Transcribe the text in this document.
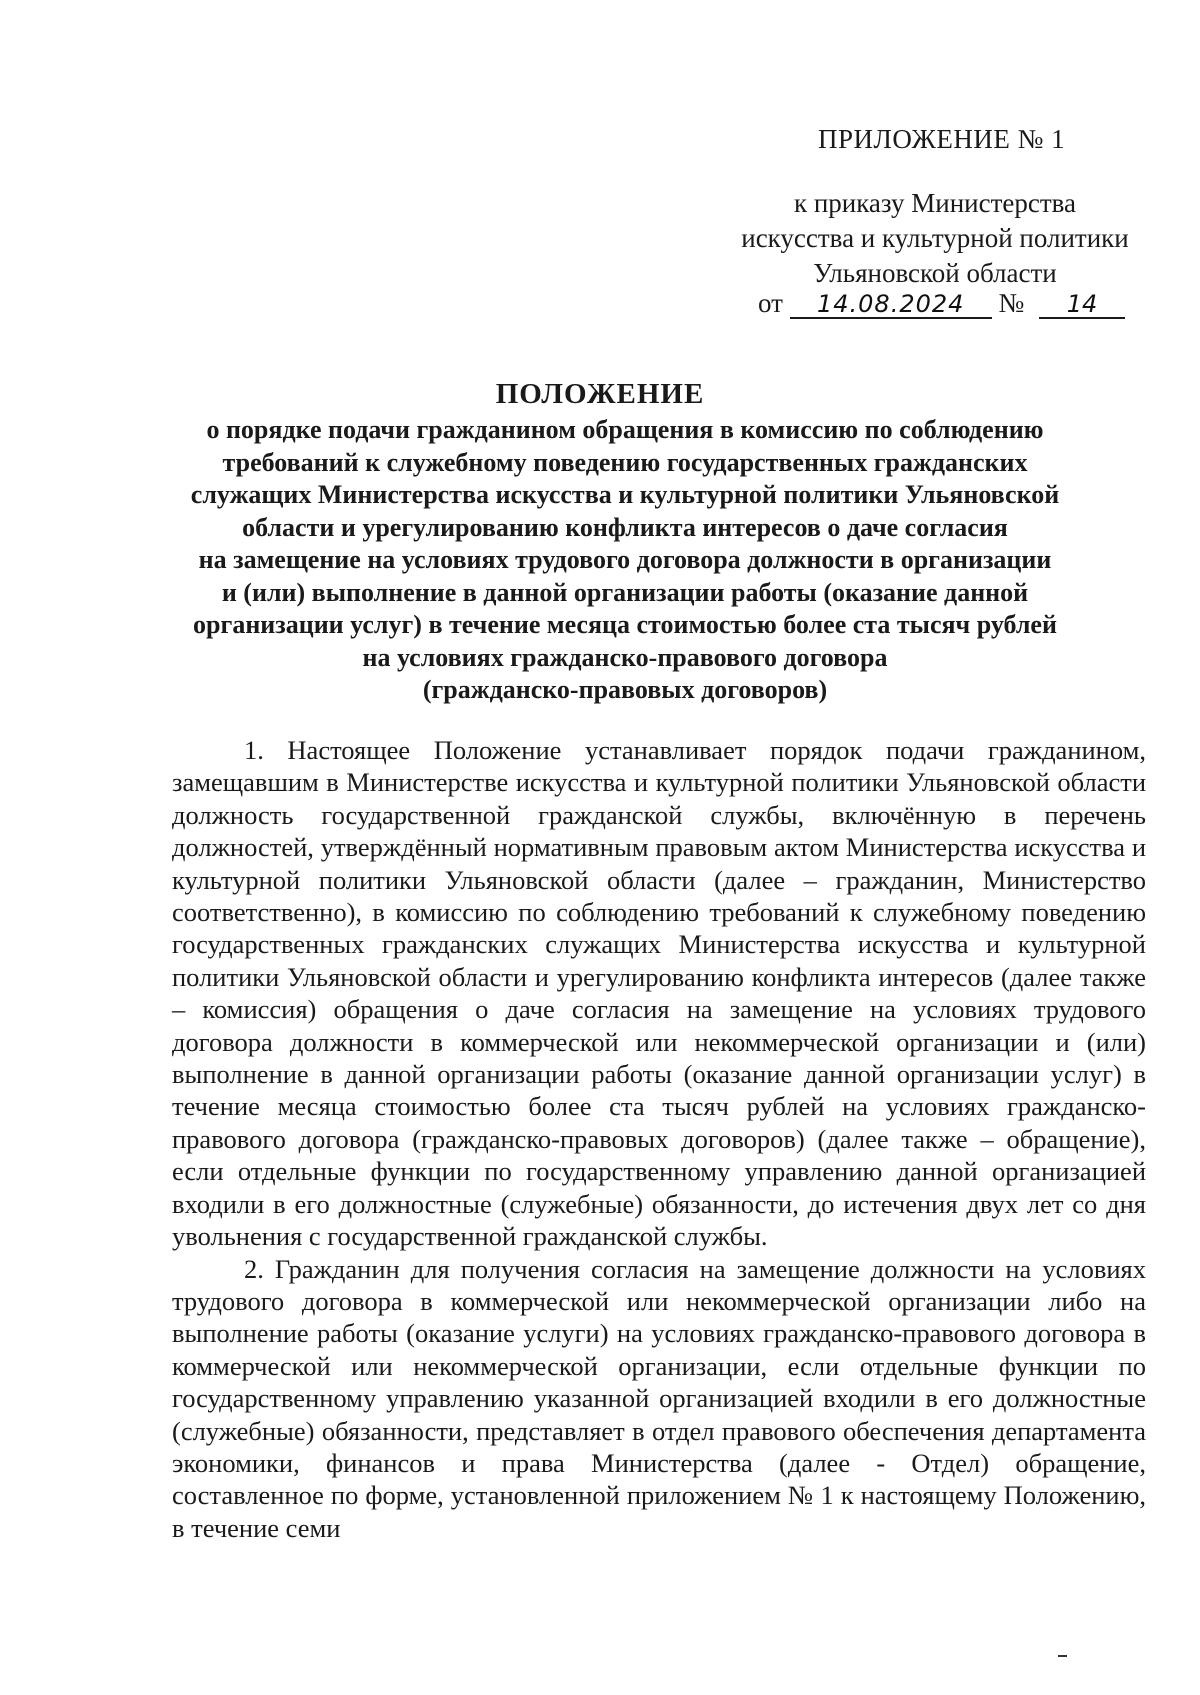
ПРИЛОЖЕНИЕ № 1
к приказу Министерства
искусства и культурной политики
Ульяновской области
от 14.08.2024 № 14
ПОЛОЖЕНИЕ
о порядке подачи гражданином обращения в комиссию по соблюдению
требований к служебному поведению государственных гражданских
служащих Министерства искусства и культурной политики Ульяновской
области и урегулированию конфликта интересов о даче согласия
на замещение на условиях трудового договора должности в организации
и (или) выполнение в данной организации работы (оказание данной
организации услуг) в течение месяца стоимостью более ста тысяч рублей
на условиях гражданско-правового договора
(гражданско-правовых договоров)

1. Настоящее Положение устанавливает порядок подачи гражданином, замещавшим в Министерстве искусства и культурной политики Ульяновской области должность государственной гражданской службы, включённую в перечень должностей, утверждённый нормативным правовым актом Министерства искусства и культурной политики Ульяновской области (далее – гражданин, Министерство соответственно), в комиссию по соблюдению требований к служебному поведению государственных гражданских служащих Министерства искусства и культурной политики Ульяновской области и урегулированию конфликта интересов (далее также – комиссия) обращения о даче согласия на замещение на условиях трудового договора должности в коммерческой или некоммерческой организации и (или) выполнение в данной организации работы (оказание данной организации услуг) в течение месяца стоимостью более ста тысяч рублей на условиях гражданско-правового договора (гражданско-правовых договоров) (далее также – обращение), если отдельные функции по государственному управлению данной организацией входили в его должностные (служебные) обязанности, до истечения двух лет со дня увольнения с государственной гражданской службы.

2. Гражданин для получения согласия на замещение должности на условиях трудового договора в коммерческой или некоммерческой организации либо на выполнение работы (оказание услуги) на условиях гражданско-правового договора в коммерческой или некоммерческой организации, если отдельные функции по государственному управлению указанной организацией входили в его должностные (служебные) обязанности, представляет в отдел правового обеспечения департамента экономики, финансов и права Министерства (далее - Отдел) обращение, составленное по форме, установленной приложением № 1 к настоящему Положению, в течение семи
